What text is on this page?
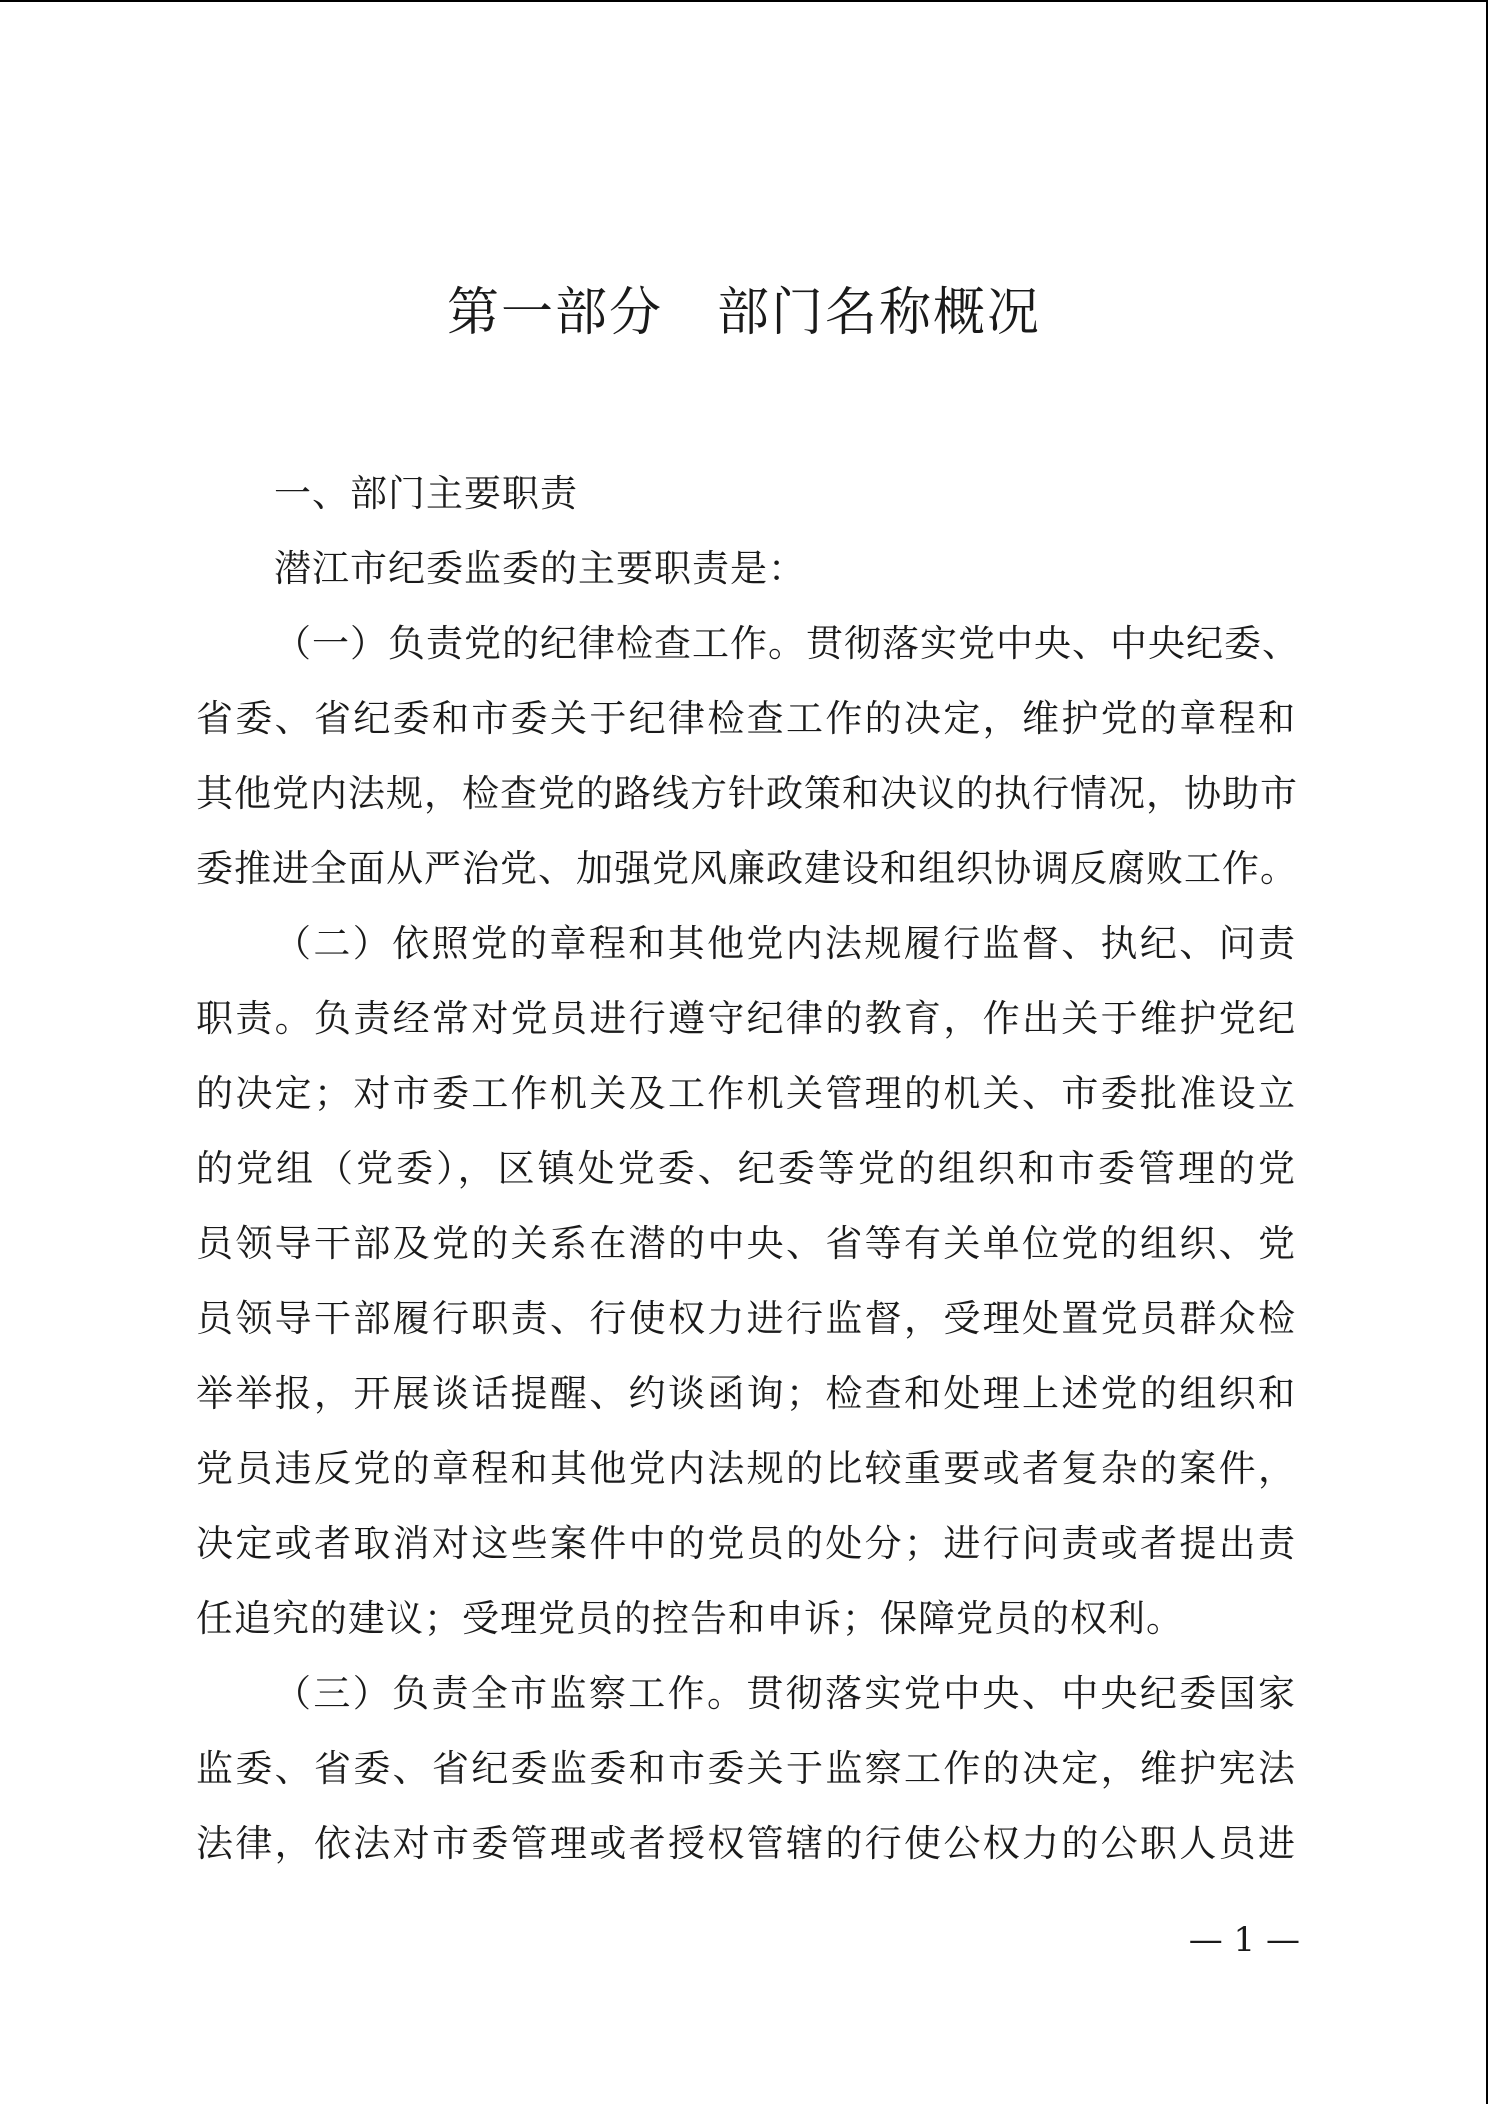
第一部分　部门名称概况
一、部门主要职责
潜江市纪委监委的主要职责是：
（一）负责党的纪律检查工作。贯彻落实党中央、中央纪委、
省委、省纪委和市委关于纪律检查工作的决定，维护党的章程和
其他党内法规，检查党的路线方针政策和决议的执行情况，协助市
委推进全面从严治党、加强党风廉政建设和组织协调反腐败工作。
（二）依照党的章程和其他党内法规履行监督、执纪、问责
职责。负责经常对党员进行遵守纪律的教育，作出关于维护党纪
的决定；对市委工作机关及工作机关管理的机关、市委批准设立
的党组（党委），区镇处党委、纪委等党的组织和市委管理的党
员领导干部及党的关系在潜的中央、省等有关单位党的组织、党
员领导干部履行职责、行使权力进行监督，受理处置党员群众检
举举报，开展谈话提醒、约谈函询；检查和处理上述党的组织和
党员违反党的章程和其他党内法规的比较重要或者复杂的案件，
决定或者取消对这些案件中的党员的处分；进行问责或者提出责
任追究的建议；受理党员的控告和申诉；保障党员的权利。
（三）负责全市监察工作。贯彻落实党中央、中央纪委国家
监委、省委、省纪委监委和市委关于监察工作的决定，维护宪法
法律，依法对市委管理或者授权管辖的行使公权力的公职人员进
— 1 —
